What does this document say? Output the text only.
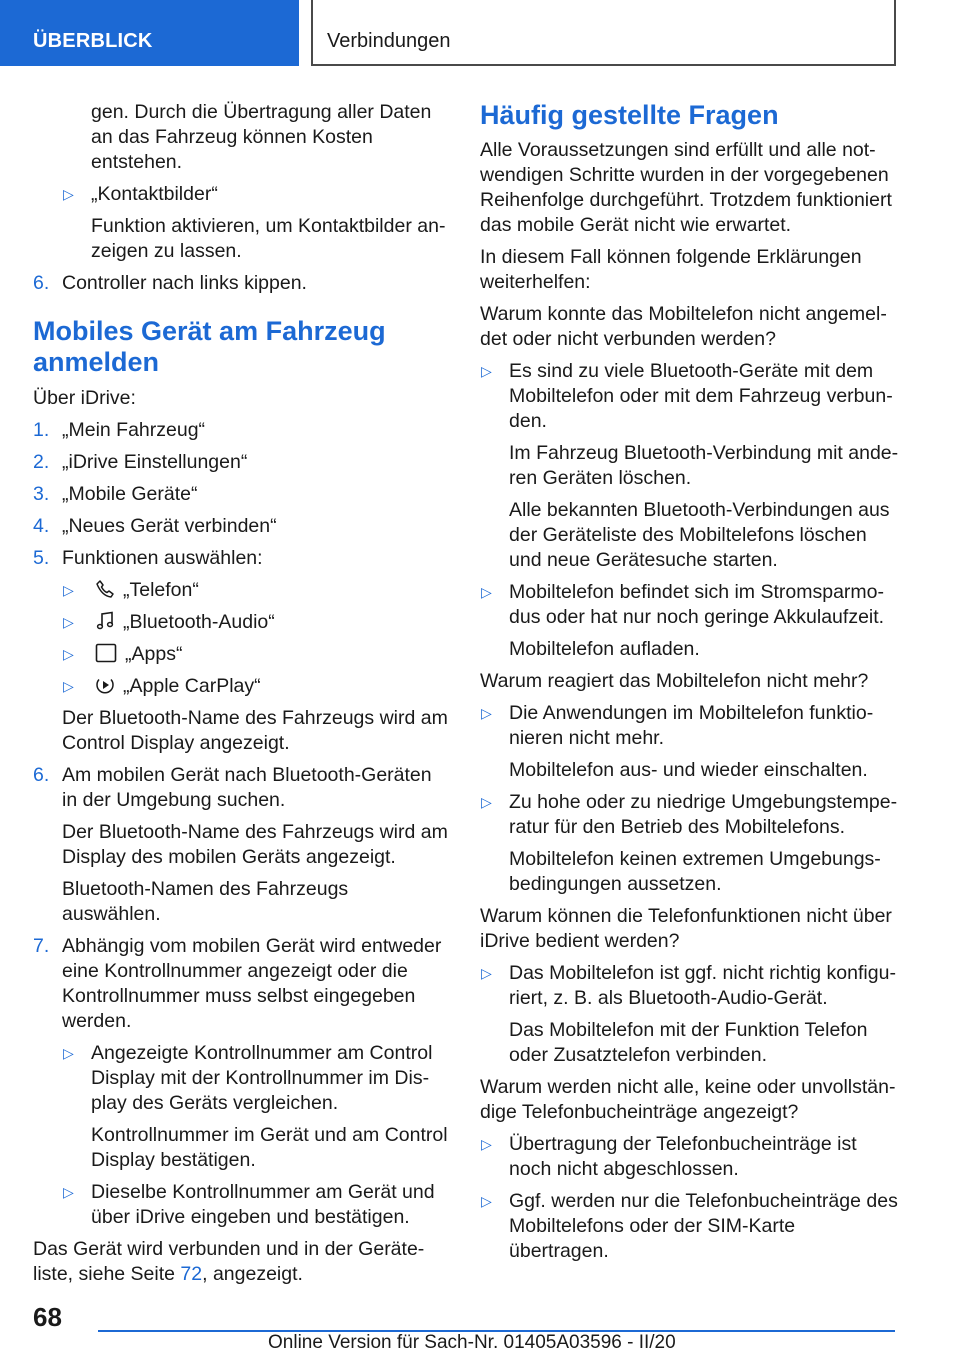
ÜBERBLICK	Verbindungen
gen. Durch die Übertragung aller Daten an das Fahrzeug können Kosten entstehen.
▷ „Kontaktbilder“
Funktion aktivieren, um Kontaktbilder anzeigen zu lassen.
6. Controller nach links kippen.
Mobiles Gerät am Fahrzeug anmelden
Über iDrive:
1. „Mein Fahrzeug“
2. „iDrive Einstellungen“
3. „Mobile Geräte“
4. „Neues Gerät verbinden“
5. Funktionen auswählen:
▷	„Telefon“
▷	„Bluetooth-Audio“
▷	„Apps“
▷	„Apple CarPlay“
Der Bluetooth-Name des Fahrzeugs wird am Control Display angezeigt.
6. Am mobilen Gerät nach Bluetooth-Geräten in der Umgebung suchen.
Der Bluetooth-Name des Fahrzeugs wird am Display des mobilen Geräts angezeigt.
Bluetooth-Namen des Fahrzeugs auswählen.
7. Abhängig vom mobilen Gerät wird entweder eine Kontrollnummer angezeigt oder die Kontrollnummer muss selbst eingegeben werden.
▷ Angezeigte Kontrollnummer am Control Display mit der Kontrollnummer im Display des Geräts vergleichen.
Kontrollnummer im Gerät und am Control Display bestätigen.
▷ Dieselbe Kontrollnummer am Gerät und über iDrive eingeben und bestätigen.
Das Gerät wird verbunden und in der Geräteliste, siehe Seite 72, angezeigt.
Häufig gestellte Fragen
Alle Voraussetzungen sind erfüllt und alle notwendigen Schritte wurden in der vorgegebenen Reihenfolge durchgeführt. Trotzdem funktioniert das mobile Gerät nicht wie erwartet.
In diesem Fall können folgende Erklärungen weiterhelfen:
Warum konnte das Mobiltelefon nicht angemeldet oder nicht verbunden werden?
▷ Es sind zu viele Bluetooth-Geräte mit dem Mobiltelefon oder mit dem Fahrzeug verbunden.
Im Fahrzeug Bluetooth-Verbindung mit anderen Geräten löschen.
Alle bekannten Bluetooth-Verbindungen aus der Geräteliste des Mobiltelefons löschen und neue Gerätesuche starten.
▷ Mobiltelefon befindet sich im Stromsparmodus oder hat nur noch geringe Akkulaufzeit.
Mobiltelefon aufladen.
Warum reagiert das Mobiltelefon nicht mehr?
▷ Die Anwendungen im Mobiltelefon funktionieren nicht mehr.
Mobiltelefon aus- und wieder einschalten.
▷ Zu hohe oder zu niedrige Umgebungstemperatur für den Betrieb des Mobiltelefons.
Mobiltelefon keinen extremen Umgebungsbedingungen aussetzen.
Warum können die Telefonfunktionen nicht über iDrive bedient werden?
▷ Das Mobiltelefon ist ggf. nicht richtig konfiguriert, z. B. als Bluetooth-Audio-Gerät.
Das Mobiltelefon mit der Funktion Telefon oder Zusatztelefon verbinden.
Warum werden nicht alle, keine oder unvollständige Telefonbucheinträge angezeigt?
▷ Übertragung der Telefonbucheinträge ist noch nicht abgeschlossen.
▷ Ggf. werden nur die Telefonbucheinträge des Mobiltelefons oder der SIM-Karte übertragen.
68
Online Version für Sach-Nr. 01405A03596 - II/20
